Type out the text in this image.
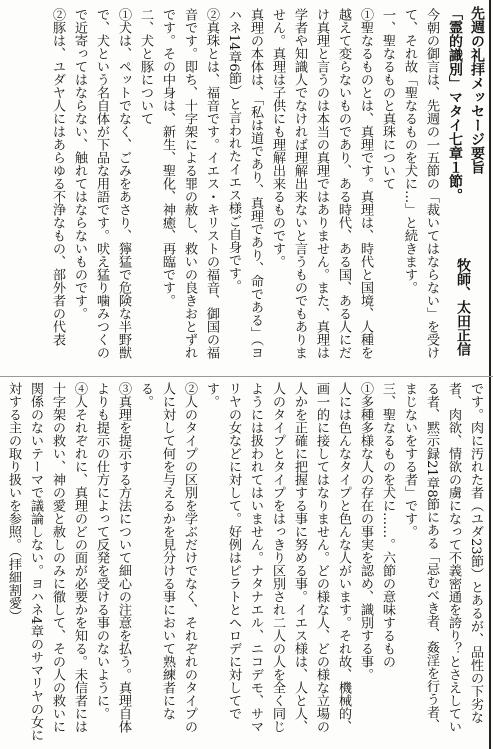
先週の礼拝メッセージ要旨
「霊的識別」マタイ七章１節。
牧師、太田正信

今朝の御言は、先週の一五節の「裁いてはならない」を受けて、それ故「聖なるものを犬に…」と続きます。

一、聖なるものと真珠について

①聖なるものとは、真理です。真理は、時代と国境、人種を越えて変らないものであり、ある時代、ある国、ある人にだけ真理と言うのは本当の真理ではありません。また、真理は学者や知識人でなければ理解出来ないと言うものでもありません。真理は子供にも理解出来るものです。

真理の本体は、「私は道であり、真理であり、命である」（ヨハネ14章6節）と言われたイエス様ご自身です。

②真珠とは、福音です。イエス・キリストの福音、御国の福音です。即ち、十字架による罪の赦し、救いの良きおとずれです。その中身は、新生、聖化、神癒、再臨です。

二、犬と豚について

①犬は、ペットでなく、ごみをあさり、獰猛で危険な半野獣で、犬という名自体が下品な用語です。吠え猛り噛みつくので近寄ってはならない、触れてはならないものです。

②豚は、ユダヤ人にはあらゆる不浄なもの、部外者の代表

です。肉に汚れた者（ユダ23節）とあるが、品性の下劣な者、肉欲、情欲の虜になって不義密通を誇り？とさえしている者、黙示録21章8節にある「忌むべき者、姦淫を行う者、まじないをする者」です。

三、聖なるものを犬に……。六節の意味するもの

①多種多様な人の存在の事実を認め、識別する事。

人には色んなタイプと色んな人がいます。それ故、機械的、画一的に接してはなりません。どの様な人、どの様な立場の人かを正確に把握する事に努める事。イエス様は、人と人、人のタイプとタイプをはっきり区別され二人の人を全く同じようには扱われてはいません。ナタナエル、ニコデモ、サマリヤの女などに対して。好例はピラトとヘロデに対してです。

②人のタイプの区別を学ぶだけでなく、それぞれのタイプの人に対して何を与えるかを見分ける事において熟練者になる。

③真理を提示する方法について細心の注意を払う。真理自体よりも提示の仕方によって反発を受ける事のないように。

④人それぞれに、真理のどの面が必要かを知る。未信者には十字架の救い、神の愛と赦しのみに徹して、その人の救いに関係のないテーマで議論しない。ヨハネ4章のサマリヤの女に対する主の取り扱いを参照。（拝細割愛）
